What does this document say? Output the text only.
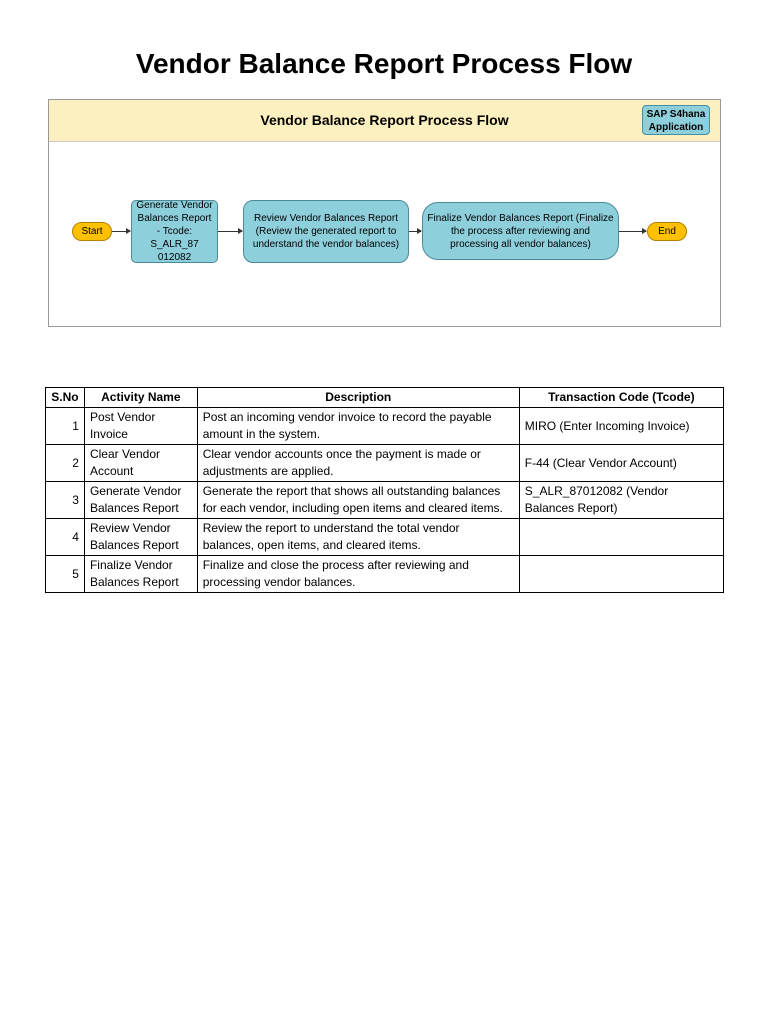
Vendor Balance Report Process Flow
Vendor Balance Report Process Flow	SAP S4hana
Application
Start
Generate Vendor Balances Report - Tcode: S_ALR_87 012082
Review Vendor Balances Report (Review the generated report to understand the vendor balances)
Finalize Vendor Balances Report (Finalize the process after reviewing and processing all vendor balances)
End
S.No	Activity Name	Description	Transaction Code (Tcode)
1	Post Vendor Invoice	Post an incoming vendor invoice to record the payable amount in the system.	MIRO (Enter Incoming Invoice)
2	Clear Vendor Account	Clear vendor accounts once the payment is made or adjustments are applied.	F-44 (Clear Vendor Account)
3	Generate Vendor Balances Report	Generate the report that shows all outstanding balances for each vendor, including open items and cleared items.	S_ALR_87012082 (Vendor Balances Report)
4	Review Vendor Balances Report	Review the report to understand the total vendor balances, open items, and cleared items.	
5	Finalize Vendor Balances Report	Finalize and close the process after reviewing and processing vendor balances.	
